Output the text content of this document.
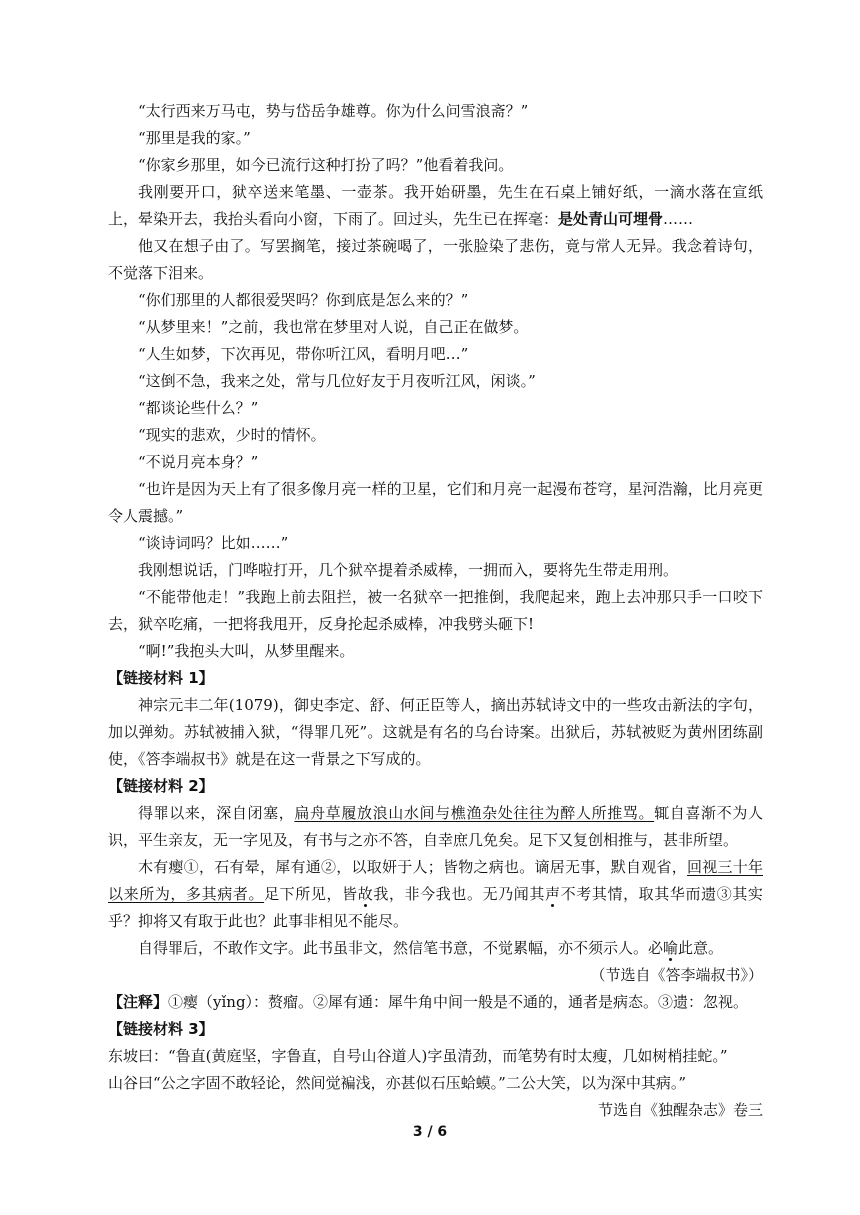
“太行西来万马屯，势与岱岳争雄尊。你为什么问雪浪斋？”

“那里是我的家。”

“你家乡那里，如今已流行这种打扮了吗？”他看着我问。

我刚要开口，狱卒送来笔墨、一壶茶。我开始研墨，先生在石桌上铺好纸，一滴水落在宣纸上，晕染开去，我抬头看向小窗，下雨了。回过头，先生已在挥毫：是处青山可埋骨……

他又在想子由了。写罢搁笔，接过茶碗喝了，一张脸染了悲伤，竟与常人无异。我念着诗句，不觉落下泪来。

“你们那里的人都很爱哭吗？你到底是怎么来的？”

“从梦里来！”之前，我也常在梦里对人说，自己正在做梦。

“人生如梦，下次再见，带你听江风，看明月吧…”

“这倒不急，我来之处，常与几位好友于月夜听江风，闲谈。”

“都谈论些什么？”

“现实的悲欢，少时的情怀。

“不说月亮本身？”

“也许是因为天上有了很多像月亮一样的卫星，它们和月亮一起漫布苍穹，星河浩瀚，比月亮更令人震撼。”

“谈诗词吗？比如……”

我刚想说话，门哗啦打开，几个狱卒提着杀威棒，一拥而入，要将先生带走用刑。

“不能带他走！”我跑上前去阻拦，被一名狱卒一把推倒，我爬起来，跑上去冲那只手一口咬下去，狱卒吃痛，一把将我甩开，反身抡起杀威棒，冲我劈头砸下!

“啊!”我抱头大叫，从梦里醒来。

【链接材料 1】

神宗元丰二年(1079)，御史李定、舒、何正臣等人，摘出苏轼诗文中的一些攻击新法的字句，加以弹劾。苏轼被捕入狱，“得罪几死”。这就是有名的乌台诗案。出狱后，苏轼被贬为黄州团练副使，《答李端叔书》就是在这一背景之下写成的。

【链接材料 2】

得罪以来，深自闭塞，扁舟草履放浪山水间与樵渔杂处往往为醉人所推骂。辄自喜渐不为人识，平生亲友，无一字见及，有书与之亦不答，自幸庶几免矣。足下又复创相推与，甚非所望。

木有瘿①，石有晕，犀有通②，以取妍于人；皆物之病也。谪居无事，默自观省，回视三十年以来所为，多其病者。足下所见，皆故我，非今我也。无乃闻其声不考其情，取其华而遗③其实乎？抑将又有取于此也？此事非相见不能尽。

自得罪后，不敢作文字。此书虽非文，然信笔书意，不觉累幅，亦不须示人。必喻此意。

（节选自《答李端叔书》）

【注释】①瘿（yǐng）：赘瘤。②犀有通：犀牛角中间一般是不通的，通者是病态。③遗：忽视。

【链接材料 3】

东坡曰：“鲁直(黄庭坚，字鲁直，自号山谷道人)字虽清劲，而笔势有时太瘦，几如树梢挂蛇。”

山谷曰“公之字固不敢轻论，然间觉褊浅，亦甚似石压蛤蟆。”二公大笑，以为深中其病。”

节选自《独醒杂志》卷三

3 / 6
